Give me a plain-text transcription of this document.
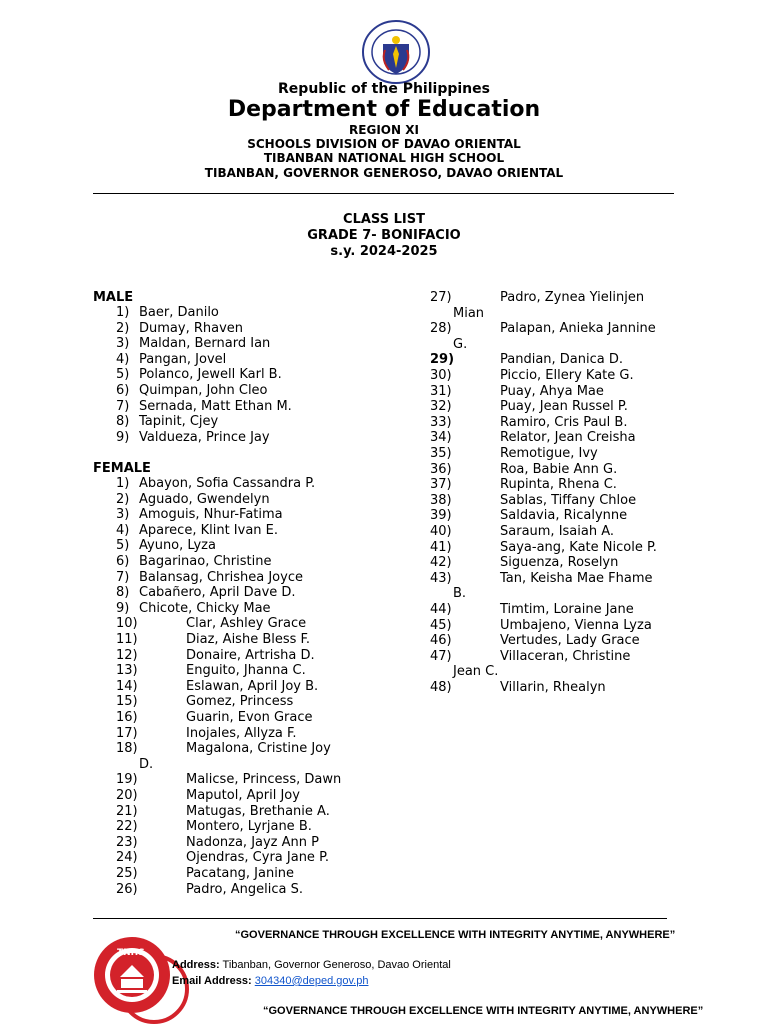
Republic of the Philippines
Department of Education
REGION XI
SCHOOLS DIVISION OF DAVAO ORIENTAL
TIBANBAN NATIONAL HIGH SCHOOL
TIBANBAN, GOVERNOR GENEROSO, DAVAO ORIENTAL
CLASS LIST
GRADE 7- BONIFACIO
s.y. 2024-2025
MALE
1) Baer, Danilo
2) Dumay, Rhaven
3) Maldan, Bernard Ian
4) Pangan, Jovel
5) Polanco, Jewell Karl B.
6) Quimpan, John Cleo
7) Sernada, Matt Ethan M.
8) Tapinit, Cjey
9) Valdueza, Prince Jay
FEMALE
1) Abayon, Sofia Cassandra P.
2) Aguado, Gwendelyn
3) Amoguis, Nhur-Fatima
4) Aparece, Klint Ivan E.
5) Ayuno, Lyza
6) Bagarinao, Christine
7) Balansag, Chrishea Joyce
8) Cabañero, April Dave D.
9) Chicote, Chicky Mae
10)	Clar, Ashley Grace
11)	Diaz, Aishe Bless F.
12)	Donaire, Artrisha D.
13)	Enguito, Jhanna C.
14)	Eslawan, April Joy B.
15)	Gomez, Princess
16)	Guarin, Evon Grace
17)	Inojales, Allyza F.
18)	Magalona, Cristine Joy
D.
19)	Malicse, Princess, Dawn
20)	Maputol, April Joy
21)	Matugas, Brethanie A.
22)	Montero, Lyrjane B.
23)	Nadonza, Jayz Ann P
24)	Ojendras, Cyra Jane P.
25)	Pacatang, Janine
26)	Padro, Angelica S.
27)	Padro, Zynea Yielinjen
Mian
28)	Palapan, Anieka Jannine
G.
29)	Pandian, Danica D.
30)	Piccio, Ellery Kate G.
31)	Puay, Ahya Mae
32)	Puay, Jean Russel P.
33)	Ramiro, Cris Paul B.
34)	Relator, Jean Creisha
35)	Remotigue, Ivy
36)	Roa, Babie Ann G.
37)	Rupinta, Rhena C.
38)	Sablas, Tiffany Chloe
39)	Saldavia, Ricalynne
40)	Saraum, Isaiah A.
41)	Saya-ang, Kate Nicole P.
42)	Siguenza, Roselyn
43)	Tan, Keisha Mae Fhame
B.
44)	Timtim, Loraine Jane
45)	Umbajeno, Vienna Lyza
46)	Vertudes, Lady Grace
47)	Villaceran, Christine
Jean C.
48)	Villarin, Rhealyn
“GOVERNANCE THROUGH EXCELLENCE WITH INTEGRITY ANYTIME, ANYWHERE”
TNHS
Address: Tibanban, Governor Generoso, Davao Oriental
Email Address: 304340@deped.gov.ph
“GOVERNANCE THROUGH EXCELLENCE WITH INTEGRITY ANYTIME, ANYWHERE”
